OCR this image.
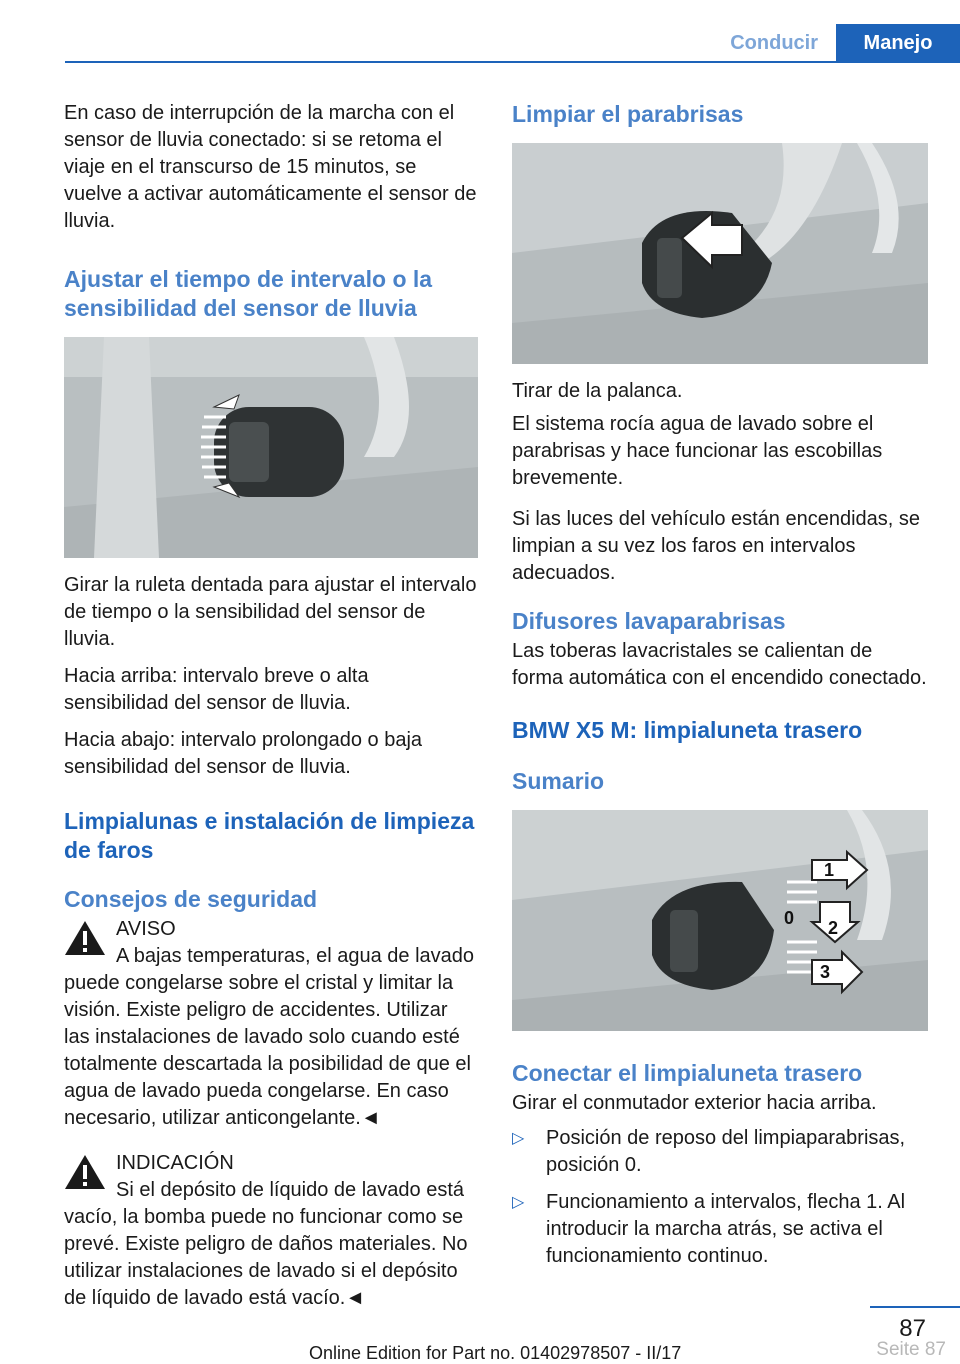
Conducir	Manejo

En caso de interrupción de la marcha con el sensor de lluvia conectado: si se retoma el viaje en el transcurso de 15 minutos, se vuelve a activar automáticamente el sensor de lluvia.

Ajustar el tiempo de intervalo o la sensibilidad del sensor de lluvia

Girar la ruleta dentada para ajustar el intervalo de tiempo o la sensibilidad del sensor de lluvia.

Hacia arriba: intervalo breve o alta sensibilidad del sensor de lluvia.

Hacia abajo: intervalo prolongado o baja sensibilidad del sensor de lluvia.

Limpialunas e instalación de limpieza de faros
Consejos de seguridad

AVISO

A bajas temperaturas, el agua de lavado puede congelarse sobre el cristal y limitar la visión. Existe peligro de accidentes. Utilizar las instalaciones de lavado solo cuando esté totalmente descartada la posibilidad de que el agua de lavado pueda congelarse. En caso necesario, utilizar anticongelante.◄

INDICACIÓN

Si el depósito de líquido de lavado está vacío, la bomba puede no funcionar como se prevé. Existe peligro de daños materiales. No utilizar instalaciones de lavado si el depósito de líquido de lavado está vacío.◄

Limpiar el parabrisas

Tirar de la palanca.

El sistema rocía agua de lavado sobre el parabrisas y hace funcionar las escobillas brevemente.

Si las luces del vehículo están encendidas, se limpian a su vez los faros en intervalos adecuados.

Difusores lavaparabrisas

Las toberas lavacristales se calientan de forma automática con el encendido conectado.

BMW X5 M: limpialuneta trasero
Sumario
1
2
3
0
Conectar el limpialuneta trasero

Girar el conmutador exterior hacia arriba.

▷ Posición de reposo del limpiaparabrisas, posición 0.
▷ Funcionamiento a intervalos, flecha 1. Al introducir la marcha atrás, se activa el funcionamiento continuo.
87
Online Edition for Part no. 01402978507 - II/17	Seite 87
